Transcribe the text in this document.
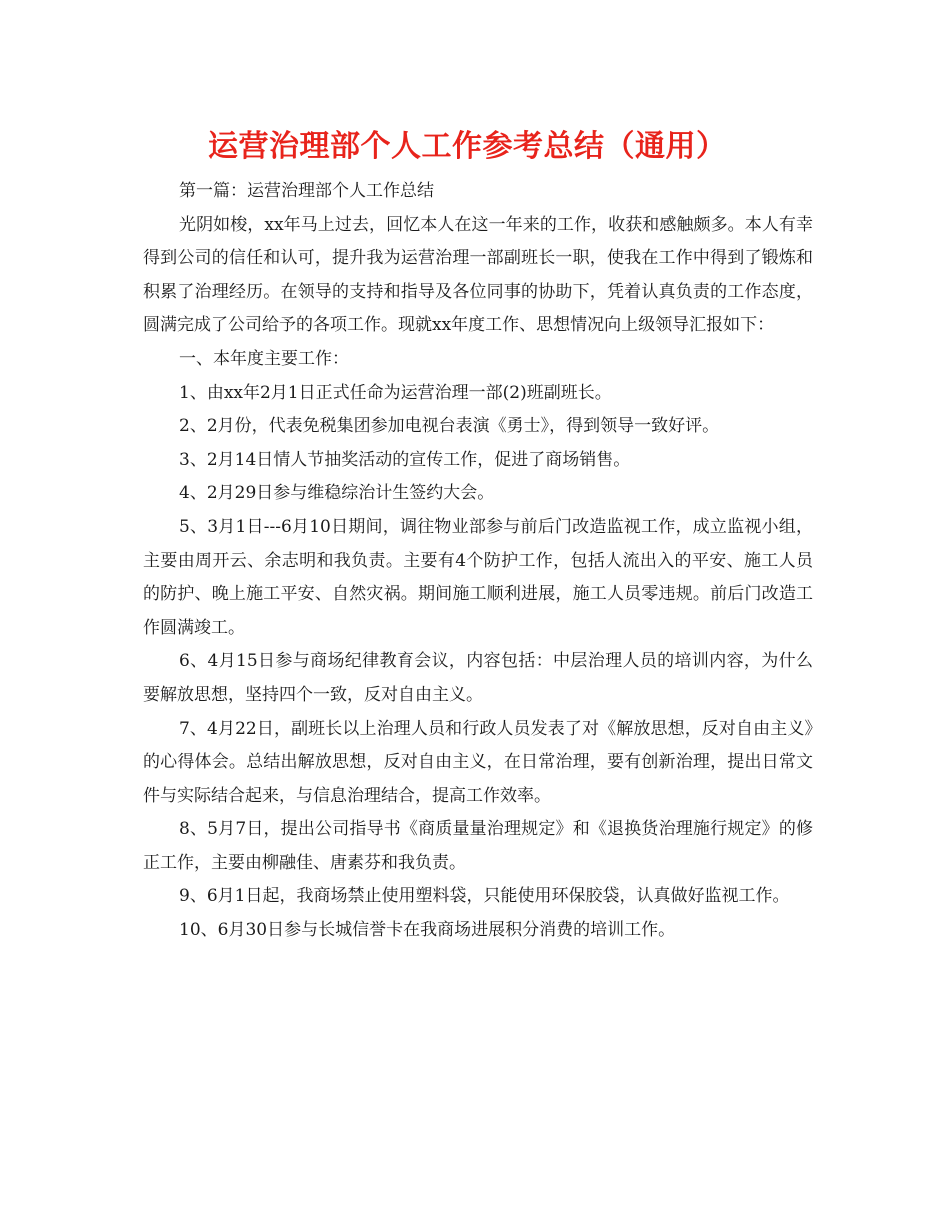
运营治理部个人工作参考总结（通用）

第一篇：运营治理部个人工作总结

光阴如梭，xx年马上过去，回忆本人在这一年来的工作，收获和感触颇多。本人有幸得到公司的信任和认可，提升我为运营治理一部副班长一职，使我在工作中得到了锻炼和积累了治理经历。在领导的支持和指导及各位同事的协助下，凭着认真负责的工作态度，圆满完成了公司给予的各项工作。现就xx年度工作、思想情况向上级领导汇报如下：

一、本年度主要工作：

1、由xx年2月1日正式任命为运营治理一部(2)班副班长。

2、2月份，代表免税集团参加电视台表演《勇士》，得到领导一致好评。

3、2月14日情人节抽奖活动的宣传工作，促进了商场销售。

4、2月29日参与维稳综治计生签约大会。

5、3月1日---6月10日期间，调往物业部参与前后门改造监视工作，成立监视小组，主要由周开云、余志明和我负责。主要有4个防护工作，包括人流出入的平安、施工人员的防护、晚上施工平安、自然灾祸。期间施工顺利进展，施工人员零违规。前后门改造工作圆满竣工。

6、4月15日参与商场纪律教育会议，内容包括：中层治理人员的培训内容，为什么要解放思想，坚持四个一致，反对自由主义。

7、4月22日，副班长以上治理人员和行政人员发表了对《解放思想，反对自由主义》的心得体会。总结出解放思想，反对自由主义，在日常治理，要有创新治理，提出日常文件与实际结合起来，与信息治理结合，提高工作效率。

8、5月7日，提出公司指导书《商质量量治理规定》和《退换货治理施行规定》的修正工作，主要由柳融佳、唐素芬和我负责。

9、6月1日起，我商场禁止使用塑料袋，只能使用环保胶袋，认真做好监视工作。

10、6月30日参与长城信誉卡在我商场进展积分消费的培训工作。
